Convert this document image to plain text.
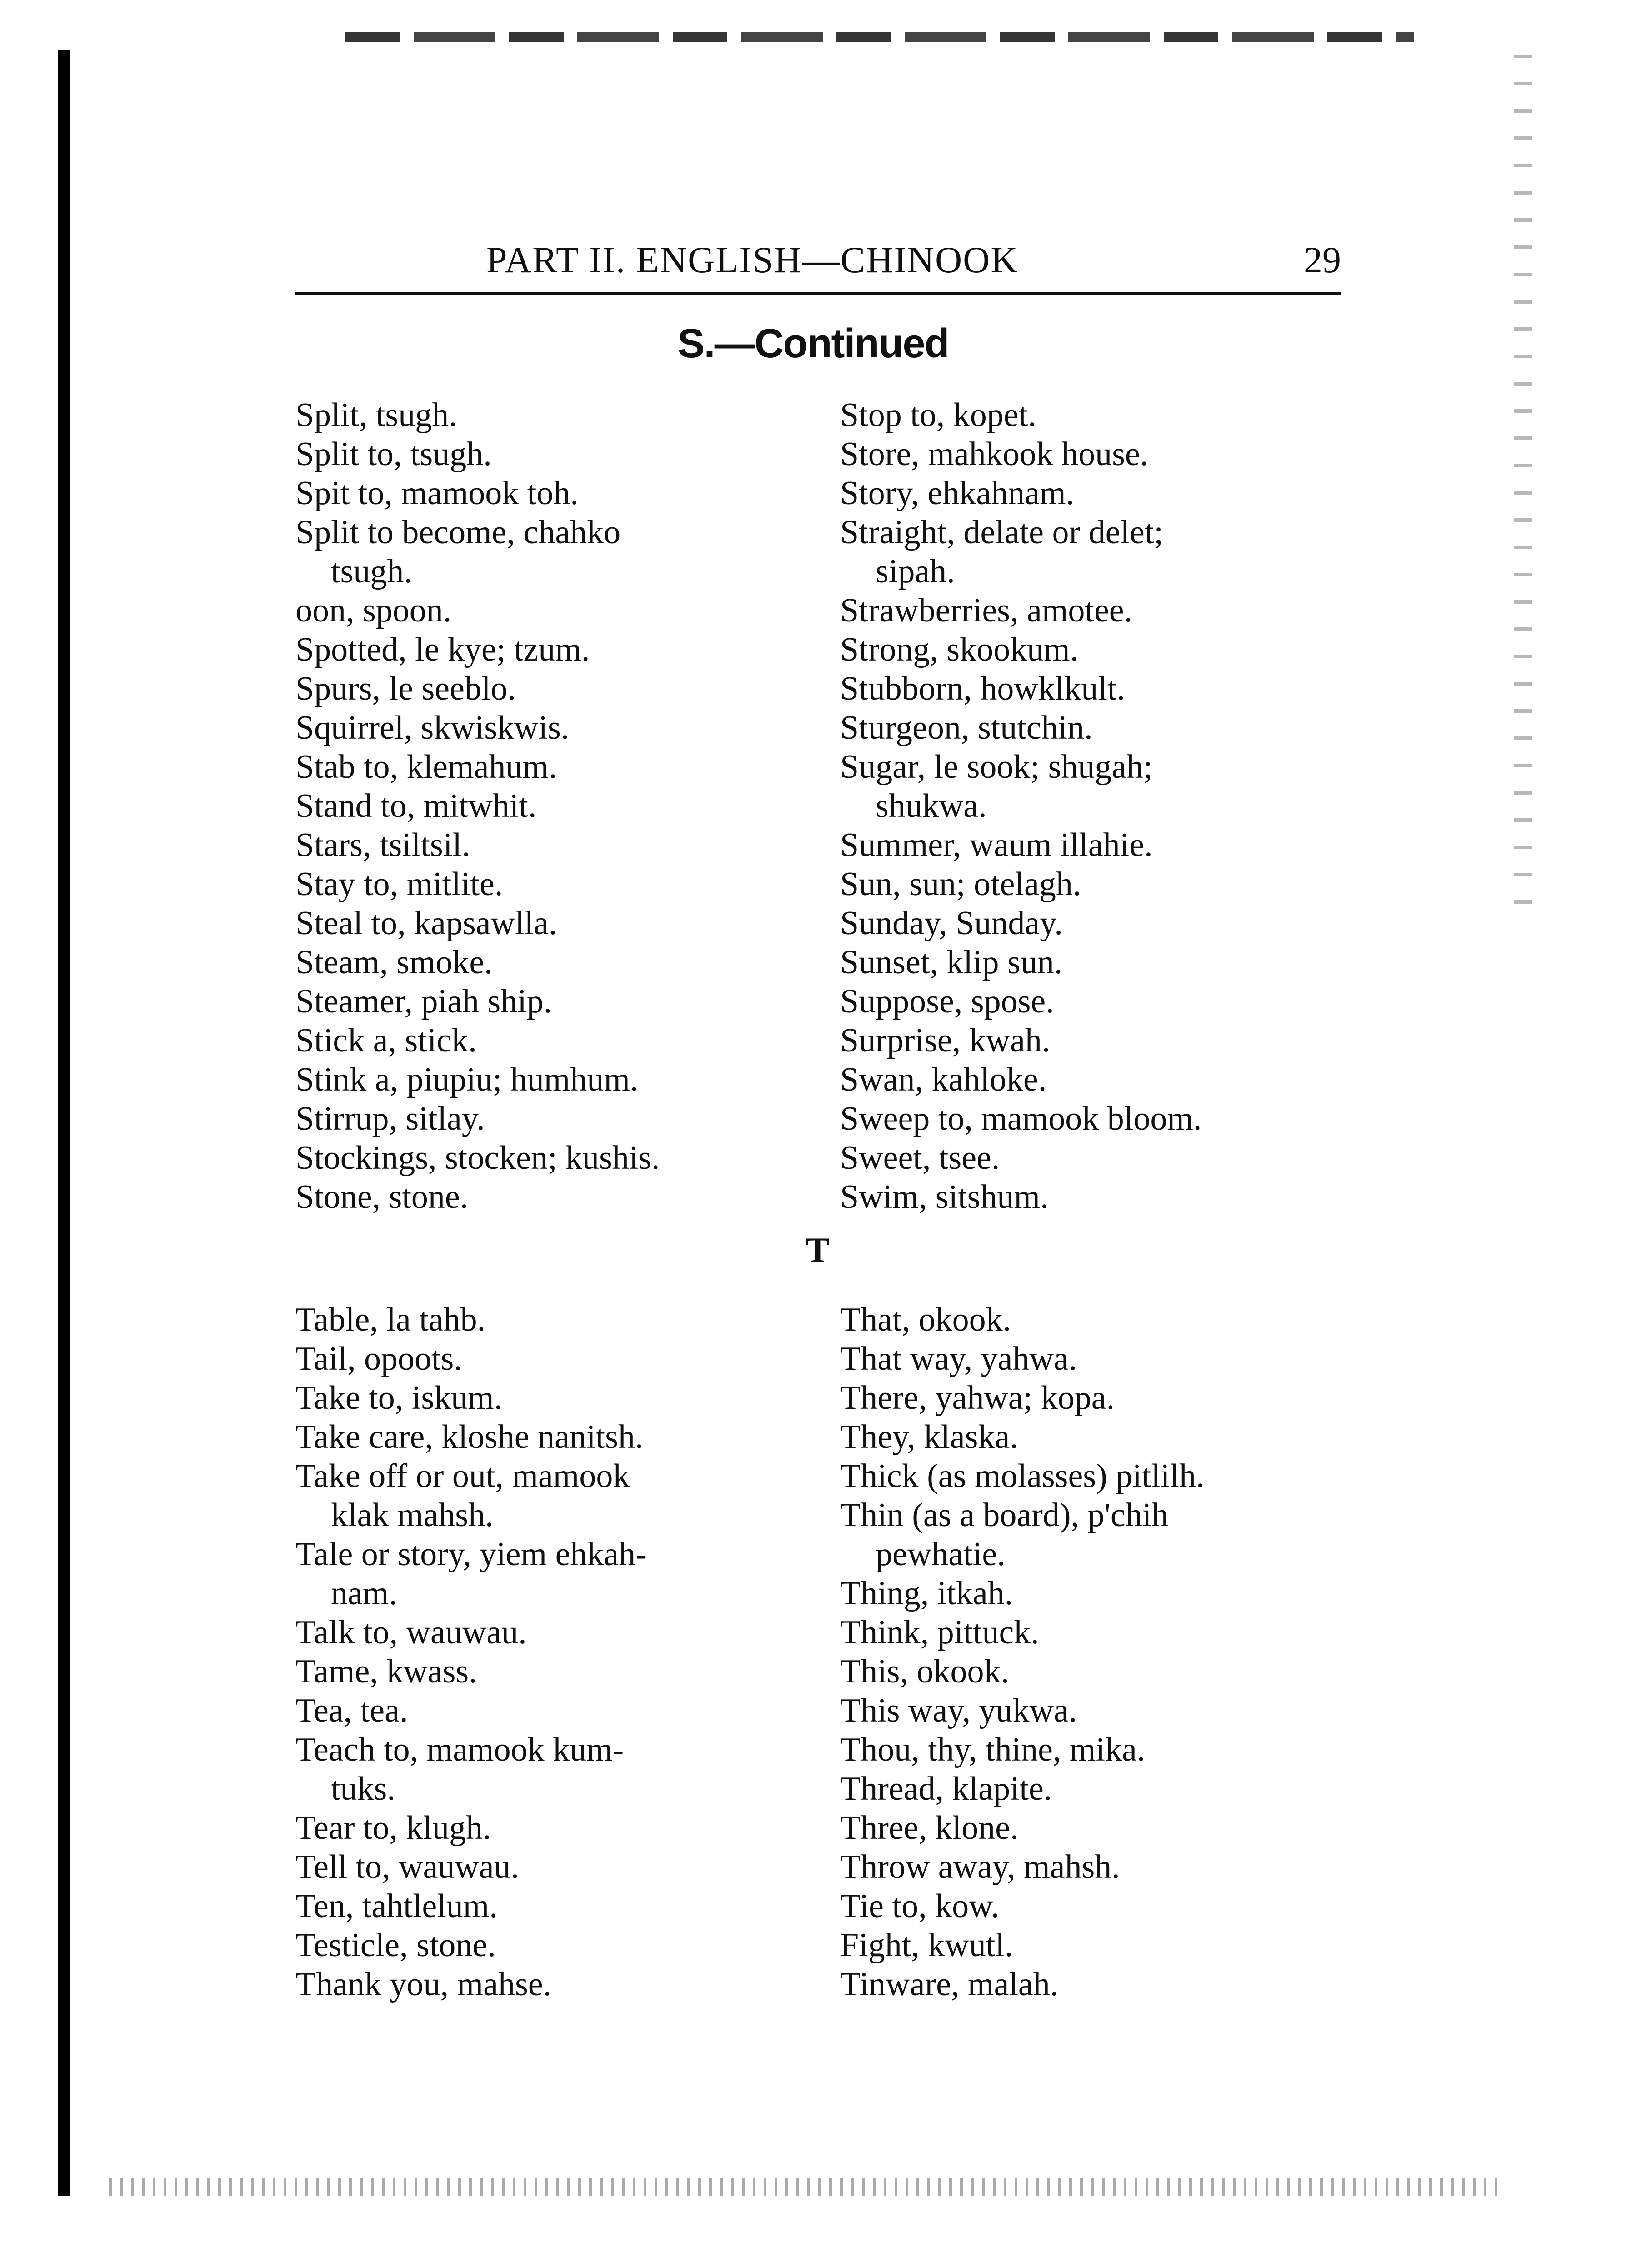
PART II. ENGLISH—CHINOOK	29
S.—Continued
Split, tsugh.
Split to, tsugh.
Spit to, mamook toh.
Split to become, chahko
tsugh.
oon, spoon.
Spotted, le kye; tzum.
Spurs, le seeblo.
Squirrel, skwiskwis.
Stab to, klemahum.
Stand to, mitwhit.
Stars, tsiltsil.
Stay to, mitlite.
Steal to, kapsawlla.
Steam, smoke.
Steamer, piah ship.
Stick a, stick.
Stink a, piupiu; humhum.
Stirrup, sitlay.
Stockings, stocken; kushis.
Stone, stone.
Stop to, kopet.
Store, mahkook house.
Story, ehkahnam.
Straight, delate or delet;
sipah.
Strawberries, amotee.
Strong, skookum.
Stubborn, howklkult.
Sturgeon, stutchin.
Sugar, le sook; shugah;
shukwa.
Summer, waum illahie.
Sun, sun; otelagh.
Sunday, Sunday.
Sunset, klip sun.
Suppose, spose.
Surprise, kwah.
Swan, kahloke.
Sweep to, mamook bloom.
Sweet, tsee.
Swim, sitshum.
T
Table, la tahb.
Tail, opoots.
Take to, iskum.
Take care, kloshe nanitsh.
Take off or out, mamook
klak mahsh.
Tale or story, yiem ehkah-
nam.
Talk to, wauwau.
Tame, kwass.
Tea, tea.
Teach to, mamook kum-
tuks.
Tear to, klugh.
Tell to, wauwau.
Ten, tahtlelum.
Testicle, stone.
Thank you, mahse.
That, okook.
That way, yahwa.
There, yahwa; kopa.
They, klaska.
Thick (as molasses) pitlilh.
Thin (as a board), p'chih
pewhatie.
Thing, itkah.
Think, pittuck.
This, okook.
This way, yukwa.
Thou, thy, thine, mika.
Thread, klapite.
Three, klone.
Throw away, mahsh.
Tie to, kow.
Fight, kwutl.
Tinware, malah.
